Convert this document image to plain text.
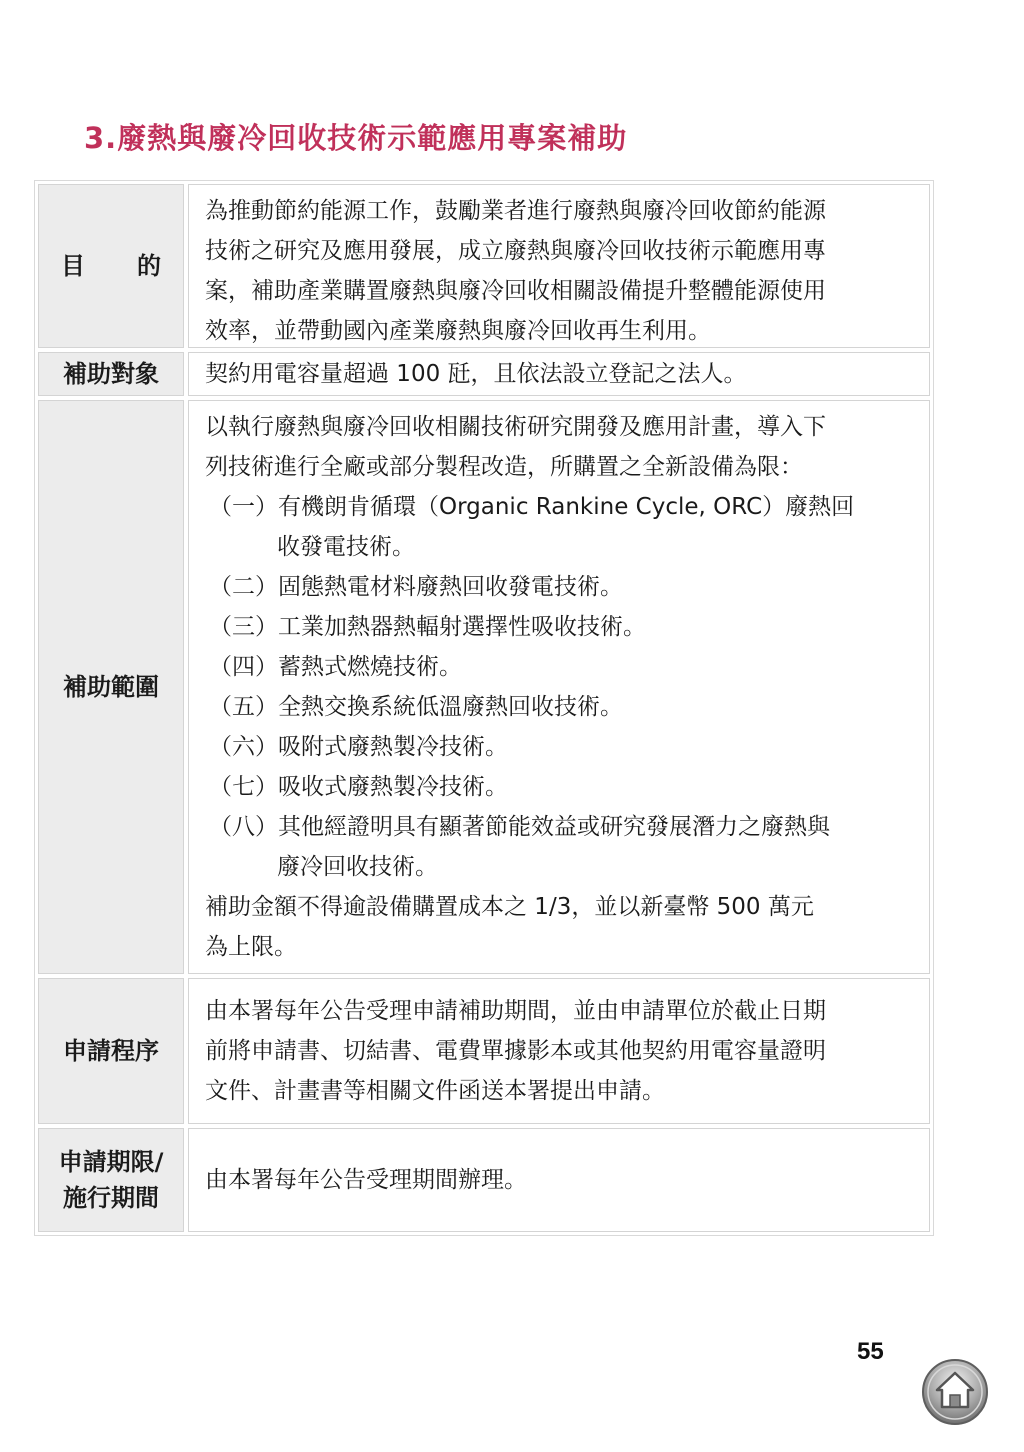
3.廢熱與廢冷回收技術示範應用專案補助
目 的

為推動節約能源工作，鼓勵業者進行廢熱與廢冷回收節約能源

技術之研究及應用發展，成立廢熱與廢冷回收技術示範應用專

案，補助產業購置廢熱與廢冷回收相關設備提升整體能源使用

效率，並帶動國內產業廢熱與廢冷回收再生利用。

補助對象	契約用電容量超過 100 瓩，且依法設立登記之法人。

補助範圍

以執行廢熱與廢冷回收相關技術研究開發及應用計畫，導入下

列技術進行全廠或部分製程改造，所購置之全新設備為限：

（一） 有機朗肯循環（Organic Rankine Cycle, ORC）廢熱回

收發電技術。

（二） 固態熱電材料廢熱回收發電技術。
（三） 工業加熱器熱輻射選擇性吸收技術。
（四） 蓄熱式燃燒技術。
（五） 全熱交換系統低溫廢熱回收技術。
（六） 吸附式廢熱製冷技術。
（七） 吸收式廢熱製冷技術。
（八） 其他經證明具有顯著節能效益或研究發展潛力之廢熱與

廢冷回收技術。

補助金額不得逾設備購置成本之 1/3，並以新臺幣 500 萬元

為上限。

申請程序

由本署每年公告受理申請補助期間，並由申請單位於截止日期

前將申請書、切結書、電費單據影本或其他契約用電容量證明

文件、計畫書等相關文件函送本署提出申請。

申請期限/
施行期間

由本署每年公告受理期間辦理。

55
